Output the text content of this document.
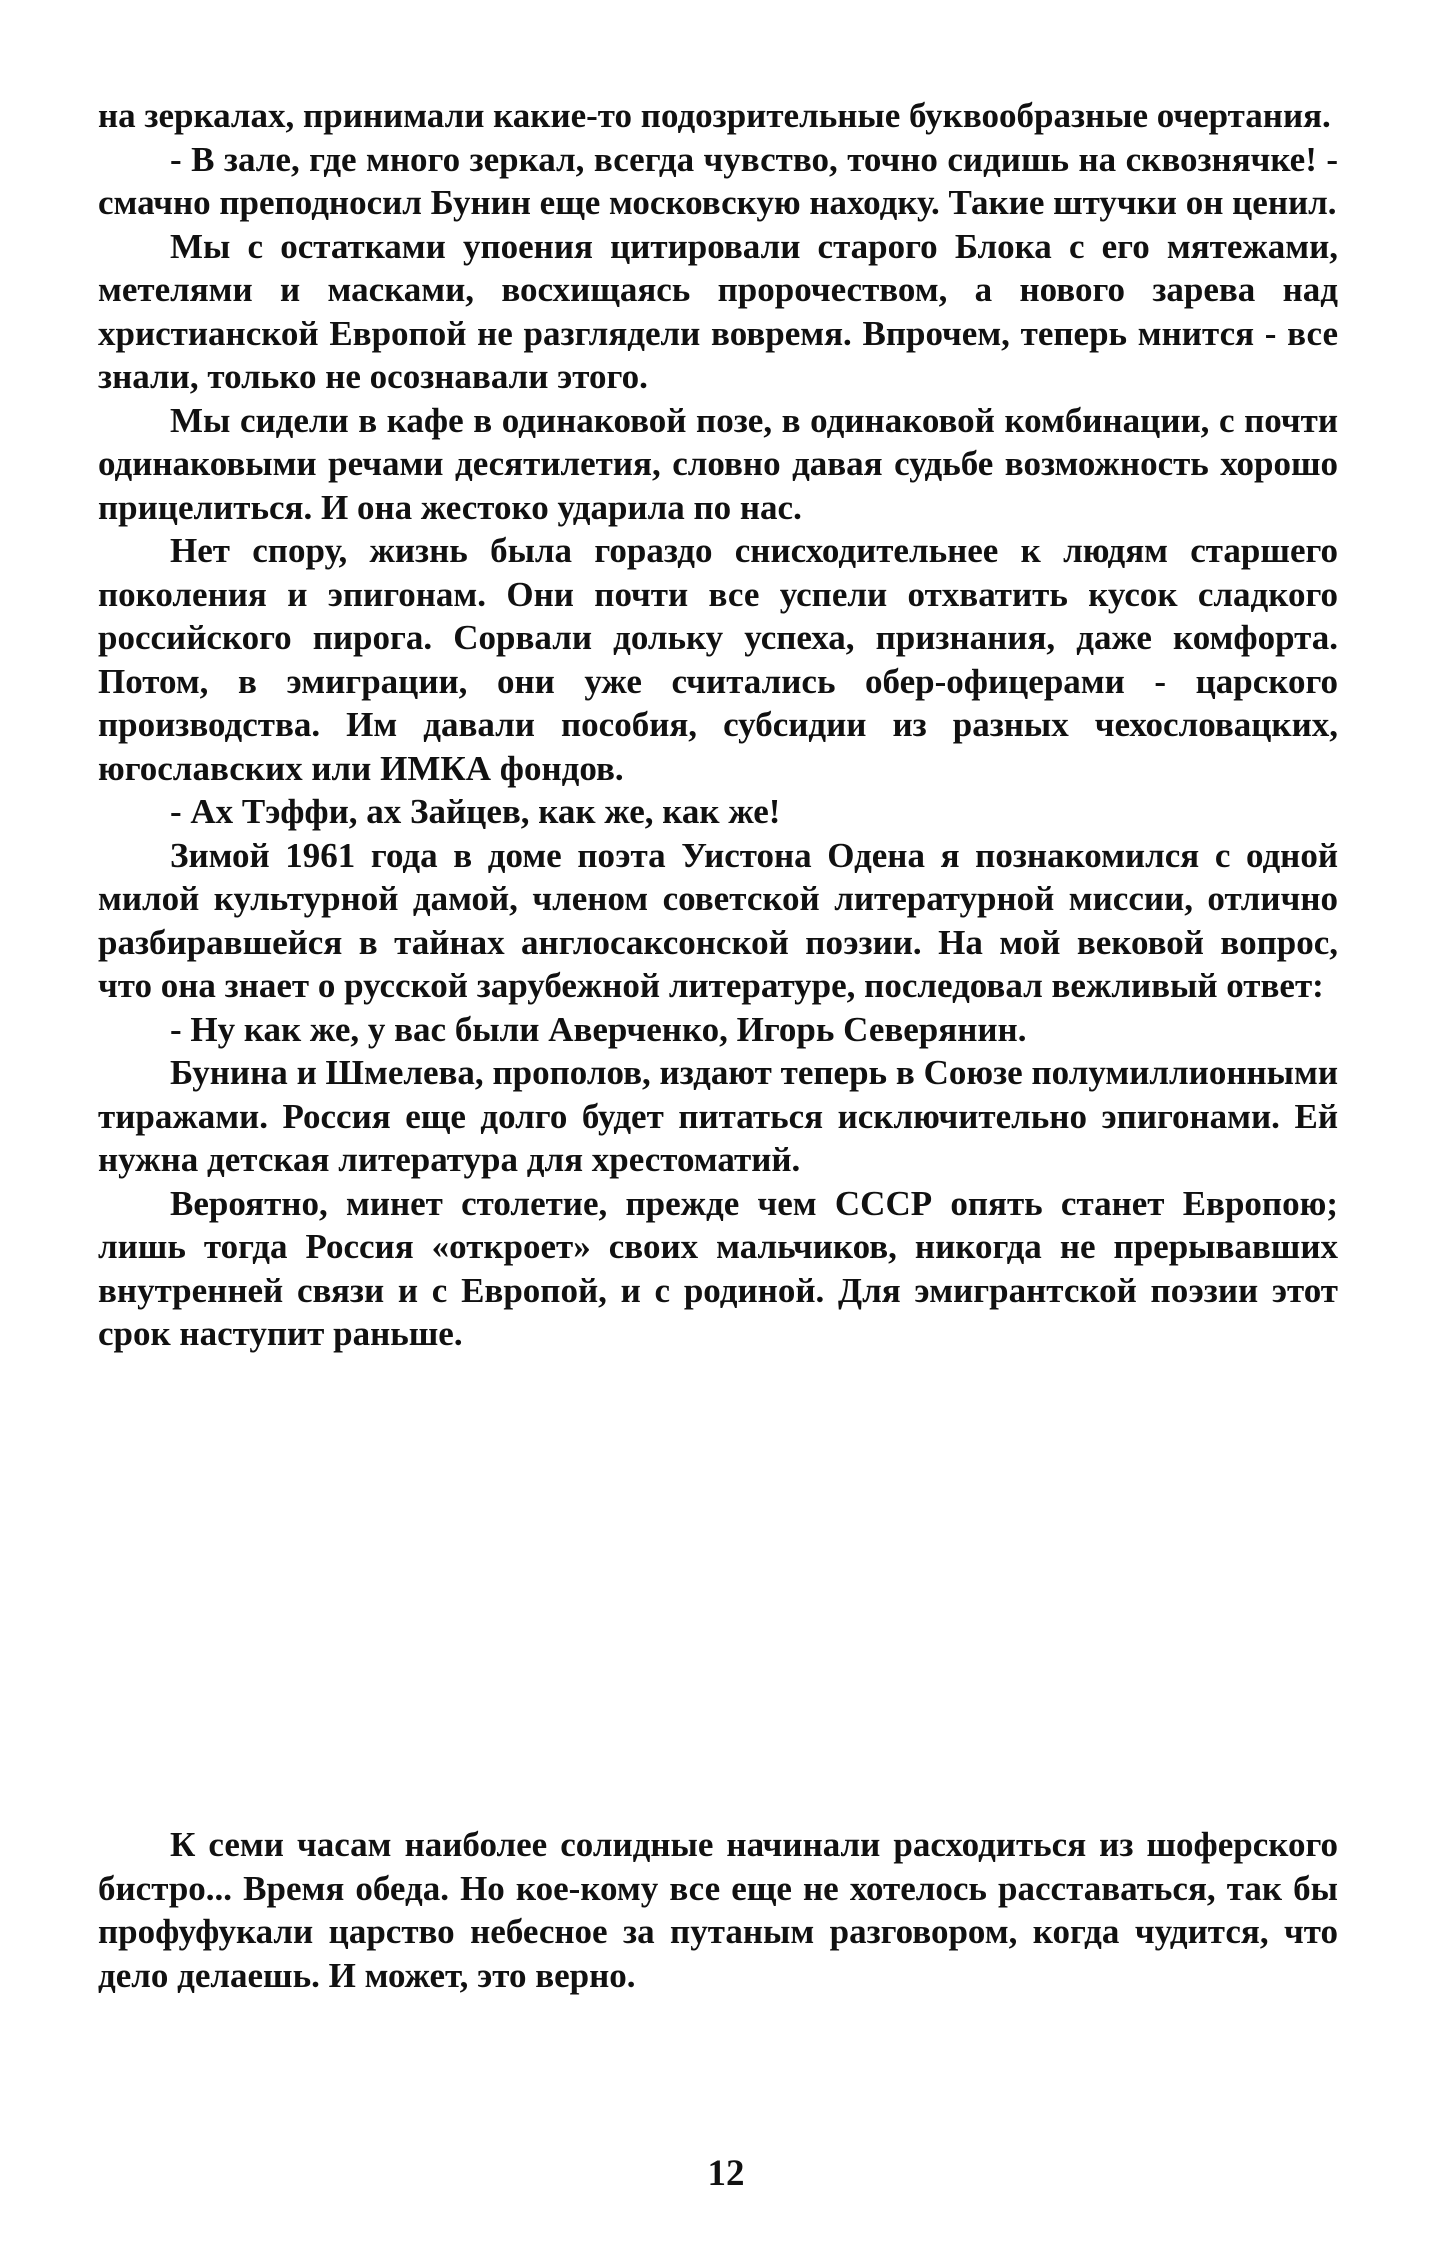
на зеркалах, принимали какие-то подозрительные буквообразные очертания.

- В зале, где много зеркал, всегда чувство, точно сидишь на сквознячке! - смачно преподносил Бунин еще московскую находку. Такие штучки он ценил.

Мы с остатками упоения цитировали старого Блока с его мятежами, метелями и масками, восхищаясь пророчеством, а нового зарева над христианской Европой не разглядели вовремя. Впрочем, теперь мнится - все знали, только не осознавали этого.

Мы сидели в кафе в одинаковой позе, в одинаковой комбинации, с почти одинаковыми речами десятилетия, словно давая судьбе возможность хорошо прицелиться. И она жестоко ударила по нас.

Нет спору, жизнь была гораздо снисходительнее к людям старшего поколения и эпигонам. Они почти все успели отхватить кусок сладкого российского пирога. Сорвали дольку успеха, признания, даже комфорта. Потом, в эмиграции, они уже считались обер-офицерами - царского производства. Им давали пособия, субсидии из разных чехословацких, югославских или ИМКА фондов.

- Ах Тэффи, ах Зайцев, как же, как же!

Зимой 1961 года в доме поэта Уистона Одена я познакомился с одной милой культурной дамой, членом советской литературной миссии, отлично разбиравшейся в тайнах англосаксонской поэзии. На мой вековой вопрос, что она знает о русской зарубежной литературе, последовал вежливый ответ:

- Ну как же, у вас были Аверченко, Игорь Северянин.

Бунина и Шмелева, прополов, издают теперь в Союзе полумиллионными тиражами. Россия еще долго будет питаться исключительно эпигонами. Ей нужна детская литература для хрестоматий.

Вероятно, минет столетие, прежде чем СССР опять станет Европою; лишь тогда Россия «откроет» своих мальчиков, никогда не прерывавших внутренней связи и с Европой, и с родиной. Для эмигрантской поэзии этот срок наступит раньше.

К семи часам наиболее солидные начинали расходиться из шоферского бистро... Время обеда. Но кое-кому все еще не хотелось расставаться, так бы профуфукали царство небесное за путаным разговором, когда чудится, что дело делаешь. И может, это верно.

12
